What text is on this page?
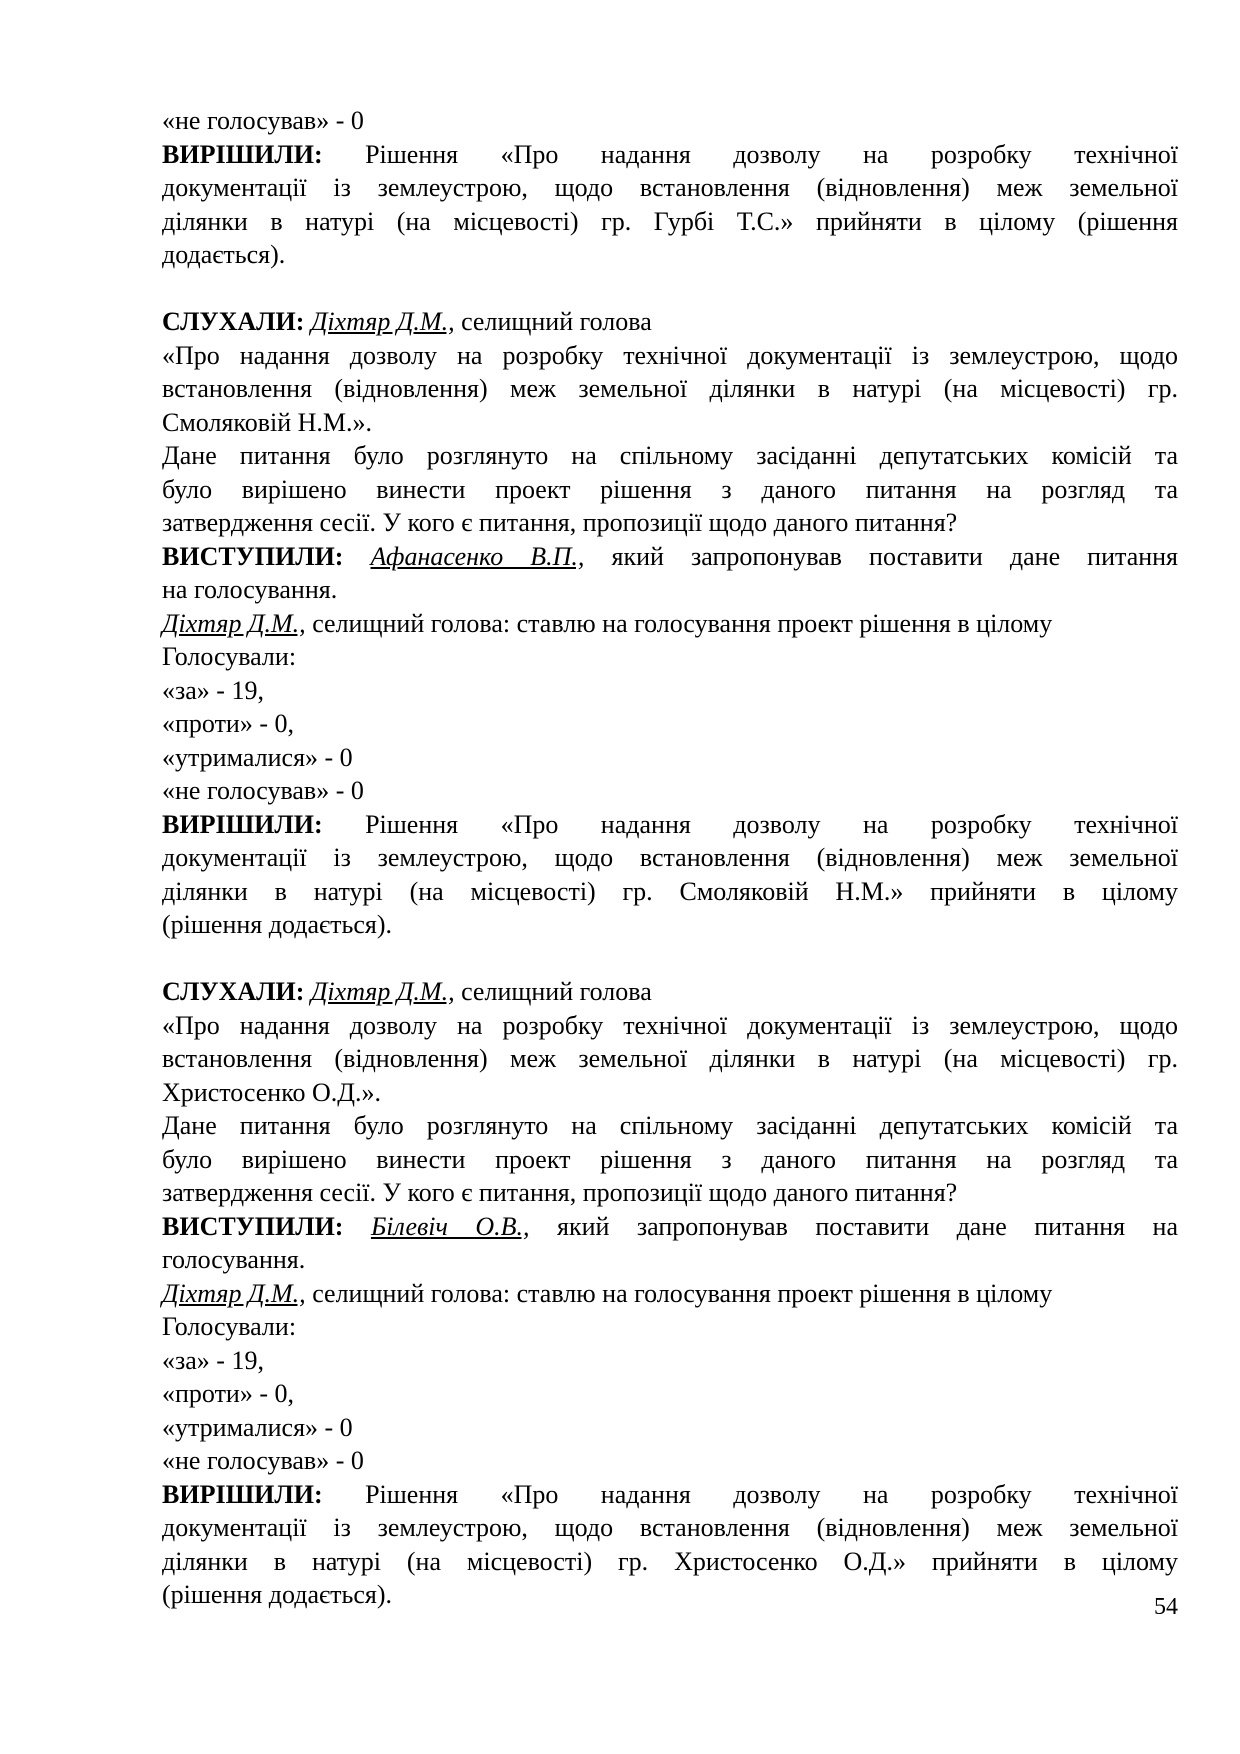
«не голосував» - 0
ВИРІШИЛИ: Рішення «Про надання дозволу на розробку технічної
документації із землеустрою, щодо встановлення (відновлення) меж земельної
ділянки в натурі (на місцевості) гр. Гурбі Т.С.» прийняти в цілому (рішення
додається).
СЛУХАЛИ: Діхтяр Д.М., селищний голова
«Про надання дозволу на розробку технічної документації із землеустрою, щодо
встановлення (відновлення) меж земельної ділянки в натурі (на місцевості) гр.
Смоляковій Н.М.».
Дане питання було розглянуто на спільному засіданні депутатських комісій та
було вирішено винести проект рішення з даного питання на розгляд та
затвердження сесії. У кого є питання, пропозиції щодо даного питання?
ВИСТУПИЛИ: Афанасенко В.П., який запропонував поставити дане питання
на голосування.
Діхтяр Д.М., селищний голова: ставлю на голосування проект рішення в цілому
Голосували:
«за» - 19,
«проти» - 0,
«утрималися» - 0
«не голосував» - 0
ВИРІШИЛИ: Рішення «Про надання дозволу на розробку технічної
документації із землеустрою, щодо встановлення (відновлення) меж земельної
ділянки в натурі (на місцевості) гр. Смоляковій Н.М.» прийняти в цілому
(рішення додається).
СЛУХАЛИ: Діхтяр Д.М., селищний голова
«Про надання дозволу на розробку технічної документації із землеустрою, щодо
встановлення (відновлення) меж земельної ділянки в натурі (на місцевості) гр.
Христосенко О.Д.».
Дане питання було розглянуто на спільному засіданні депутатських комісій та
було вирішено винести проект рішення з даного питання на розгляд та
затвердження сесії. У кого є питання, пропозиції щодо даного питання?
ВИСТУПИЛИ: Білевіч О.В., який запропонував поставити дане питання на
голосування.
Діхтяр Д.М., селищний голова: ставлю на голосування проект рішення в цілому
Голосували:
«за» - 19,
«проти» - 0,
«утрималися» - 0
«не голосував» - 0
ВИРІШИЛИ: Рішення «Про надання дозволу на розробку технічної
документації із землеустрою, щодо встановлення (відновлення) меж земельної
ділянки в натурі (на місцевості) гр. Христосенко О.Д.» прийняти в цілому
(рішення додається).	54
